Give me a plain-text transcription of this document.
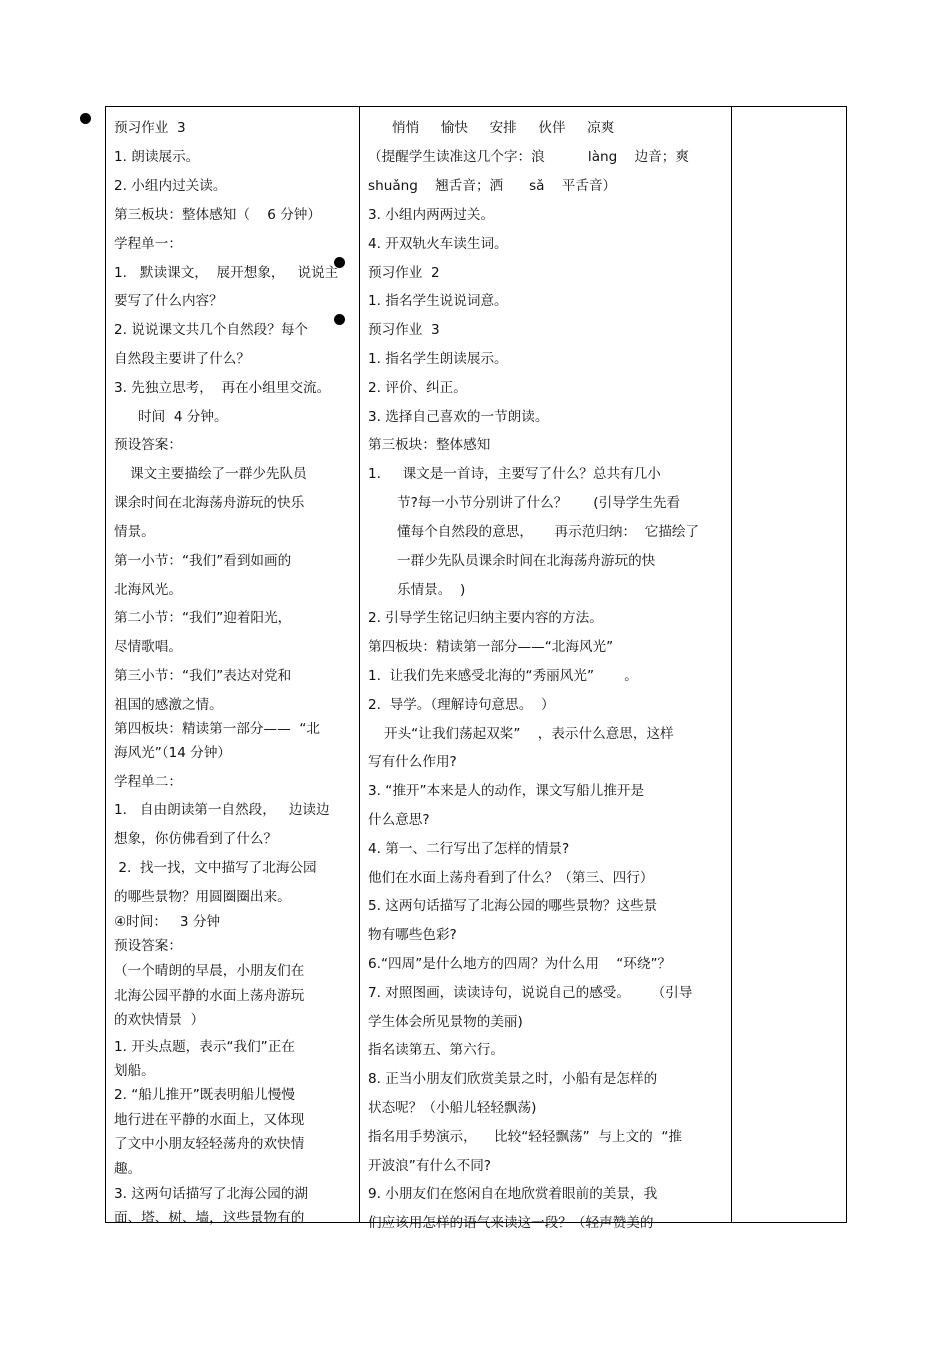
预习作业  3
1. 朗读展示。
2. 小组内过关读。
第三板块：整体感知（    6 分钟）
学程单一：
1.   默读课文，  展开想象，   说说主
要写了什么内容？
2. 说说课文共几个自然段？每个
自然段主要讲了什么？
3. 先独立思考，  再在小组里交流。
时间  4 分钟。
预设答案：
课文主要描绘了一群少先队员
课余时间在北海荡舟游玩的快乐
情景。
第一小节：“我们”看到如画的
北海风光。
第二小节：“我们”迎着阳光，
尽情歌唱。
第三小节：“我们”表达对党和
祖国的感激之情。
第四板块：精读第一部分——  “北
海风光”（14 分钟）
学程单二：
1.   自由朗读第一自然段，   边读边
想象，你仿佛看到了什么？
2.  找一找，文中描写了北海公园
的哪些景物？用圆圈圈出来。
④时间：   3 分钟
预设答案：
（一个晴朗的早晨，小朋友们在
北海公园平静的水面上荡舟游玩
的欢快情景  ）
1. 开头点题，表示“我们”正在
划船。
2. “船儿推开”既表明船儿慢慢
地行进在平静的水面上，又体现
了文中小朋友轻轻荡舟的欢快情
趣。
3. 这两句话描写了北海公园的湖
面、塔、树、墙，这些景物有的
悄悄     愉快     安排     伙伴     凉爽
（提醒学生读准这几个字：浪          làng    边音；爽
shuǎng    翘舌音；洒      sǎ    平舌音）
3. 小组内两两过关。
4. 开双轨火车读生词。
预习作业  2
1. 指名学生说说词意。
预习作业  3
1. 指名学生朗读展示。
2. 评价、纠正。
3. 选择自己喜欢的一节朗读。
第三板块：整体感知
1.     课文是一首诗，主要写了什么？总共有几小
节?每一小节分别讲了什么？      (引导学生先看
懂每个自然段的意思，     再示范归纳：  它描绘了
一群少先队员课余时间在北海荡舟游玩的快
乐情景。  )
2. 引导学生铭记归纳主要内容的方法。
第四板块：精读第一部分——“北海风光”
1.  让我们先来感受北海的“秀丽风光”       。
2.  导学。（理解诗句意思。  ）
开头“让我们荡起双桨”    ，表示什么意思，这样
写有什么作用?
3. “推开”本来是人的动作，课文写船儿推开是
什么意思?
4. 第一、二行写出了怎样的情景?
他们在水面上荡舟看到了什么？（第三、四行）
5. 这两句话描写了北海公园的哪些景物？这些景
物有哪些色彩?
6.“四周”是什么地方的四周？为什么用    “环绕”？
7. 对照图画，读读诗句，说说自己的感受。     （引导
学生体会所见景物的美丽)
指名读第五、第六行。
8. 正当小朋友们欣赏美景之时，小船有是怎样的
状态呢？（小船儿轻轻飘荡)
指名用手势演示，    比较“轻轻飘荡”  与上文的  “推
开波浪”有什么不同?
9. 小朋友们在悠闲自在地欣赏着眼前的美景，我
们应该用怎样的语气来读这一段？（轻声赞美的
